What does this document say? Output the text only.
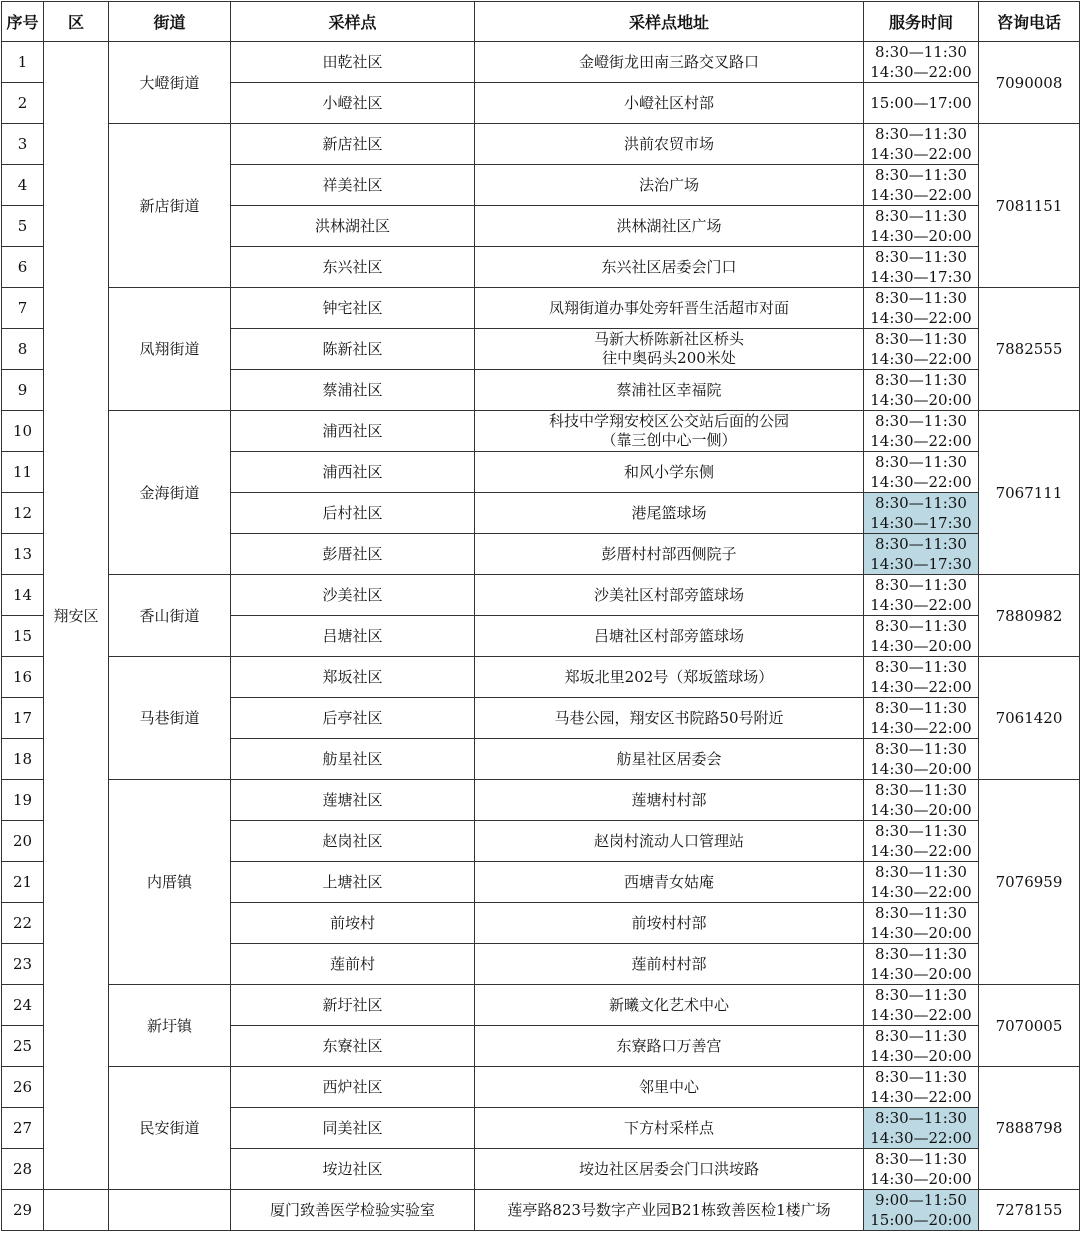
序号	区	街道	采样点	采样点地址	服务时间	咨询电话
1	翔安区	大嶝街道	田乾社区	金嶝街龙田南三路交叉路口	8:30—11:30
14:30—22:00	7090008
2			小嶝社区	小嶝社区村部	15:00—17:00	
3		新店街道	新店社区	洪前农贸市场	8:30—11:30
14:30—22:00	7081151
4			祥美社区	法治广场	8:30—11:30
14:30—22:00	
5			洪林湖社区	洪林湖社区广场	8:30—11:30
14:30—20:00	
6			东兴社区	东兴社区居委会门口	8:30—11:30
14:30—17:30	
7		凤翔街道	钟宅社区	凤翔街道办事处旁轩晋生活超市对面	8:30—11:30
14:30—22:00	7882555
8			陈新社区	马新大桥陈新社区桥头
往中奥码头200米处	8:30—11:30
14:30—22:00	
9			蔡浦社区	蔡浦社区幸福院	8:30—11:30
14:30—20:00	
10		金海街道	浦西社区	科技中学翔安校区公交站后面的公园
（靠三创中心一侧）	8:30—11:30
14:30—22:00	7067111
11			浦西社区	和风小学东侧	8:30—11:30
14:30—22:00	
12			后村社区	港尾篮球场	8:30—11:30
14:30—17:30	
13			彭厝社区	彭厝村村部西侧院子	8:30—11:30
14:30—17:30	
14		香山街道	沙美社区	沙美社区村部旁篮球场	8:30—11:30
14:30—22:00	7880982
15			吕塘社区	吕塘社区村部旁篮球场	8:30—11:30
14:30—20:00	
16		马巷街道	郑坂社区	郑坂北里202号（郑坂篮球场）	8:30—11:30
14:30—22:00	7061420
17			后亭社区	马巷公园，翔安区书院路50号附近	8:30—11:30
14:30—22:00	
18			舫星社区	舫星社区居委会	8:30—11:30
14:30—20:00	
19		内厝镇	莲塘社区	莲塘村村部	8:30—11:30
14:30—20:00	7076959
20			赵岗社区	赵岗村流动人口管理站	8:30—11:30
14:30—22:00	
21			上塘社区	西塘青女姑庵	8:30—11:30
14:30—22:00	
22			前垵村	前垵村村部	8:30—11:30
14:30—20:00	
23			莲前村	莲前村村部	8:30—11:30
14:30—20:00	
24		新圩镇	新圩社区	新曦文化艺术中心	8:30—11:30
14:30—22:00	7070005
25			东寮社区	东寮路口万善宫	8:30—11:30
14:30—20:00	
26		民安街道	西炉社区	邻里中心	8:30—11:30
14:30—22:00	7888798
27			同美社区	下方村采样点	8:30—11:30
14:30—22:00	
28			垵边社区	垵边社区居委会门口洪垵路	8:30—11:30
14:30—20:00	
29			厦门致善医学检验实验室	莲亭路823号数字产业园B21栋致善医检1楼广场	9:00—11:50
15:00—20:00	7278155
